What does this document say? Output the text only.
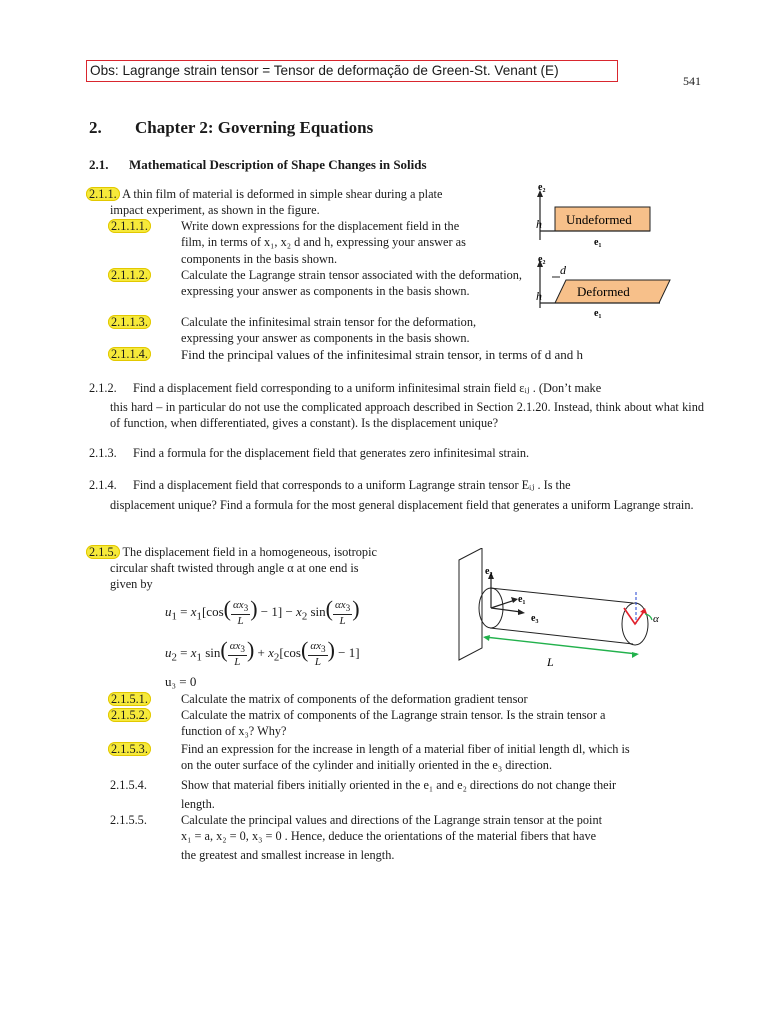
Obs: Lagrange strain tensor = Tensor de deformação de Green-St. Venant (E)
541
2. Chapter 2: Governing Equations
2.1. Mathematical Description of Shape Changes in Solids
2.1.1. A thin film of material is deformed in simple shear during a plate
impact experiment, as shown in the figure.
2.1.1.1.	Write down expressions for the displacement field in the
film, in terms of x₁, x₂ d and h, expressing your answer as
components in the basis shown.
2.1.1.2.	Calculate the Lagrange strain tensor associated with the deformation, expressing your answer as components in the basis shown.
2.1.1.3.	Calculate the infinitesimal strain tensor for the deformation,
expressing your answer as components in the basis shown.
2.1.1.4.	Find the principal values of the infinitesimal strain tensor, in terms of d and h
e₂
Undeformed
e₁
h
e₂
d
Deformed
e₁
h
2.1.2. Find a displacement field corresponding to a uniform infinitesimal strain field εᵢⱼ . (Don’t make
this hard – in particular do not use the complicated approach described in Section 2.1.20. Instead, think about what kind of function, when differentiated, gives a constant). Is the displacement unique?
2.1.3. Find a formula for the displacement field that generates zero infinitesimal strain.
2.1.4. Find a displacement field that corresponds to a uniform Lagrange strain tensor Eᵢⱼ . Is the
displacement unique? Find a formula for the most general displacement field that generates a uniform Lagrange strain.
2.1.5. The displacement field in a homogeneous, isotropic
circular shaft twisted through angle α at one end is
given by
$u_1 = x_1[\cos( \frac{\alpha x_3}{L}$ ) − $1] - x_2$ $\sin( \frac{\alpha x_3}{L}$ )
$u_2 = x_1$ $\sin( \frac{\alpha x_3}{L}$ ) + $x_2[\cos( \frac{\alpha x_3}{L}$ ) − 1]
u₃ = 0
e₂
e₁
e₃	α
L
2.1.5.1.	Calculate the matrix of components of the deformation gradient tensor
2.1.5.2.	Calculate the matrix of components of the Lagrange strain tensor. Is the strain tensor a
function of x₃? Why?
2.1.5.3.	Find an expression for the increase in length of a material fiber of initial length dl, which is
on the outer surface of the cylinder and initially oriented in the e₃ direction.
2.1.5.4.	Show that material fibers initially oriented in the e₁ and e₂ directions do not change their
length.
2.1.5.5.	Calculate the principal values and directions of the Lagrange strain tensor at the point
x₁ = a, x₂ = 0, x₃ = 0 . Hence, deduce the orientations of the material fibers that have
the greatest and smallest increase in length.
